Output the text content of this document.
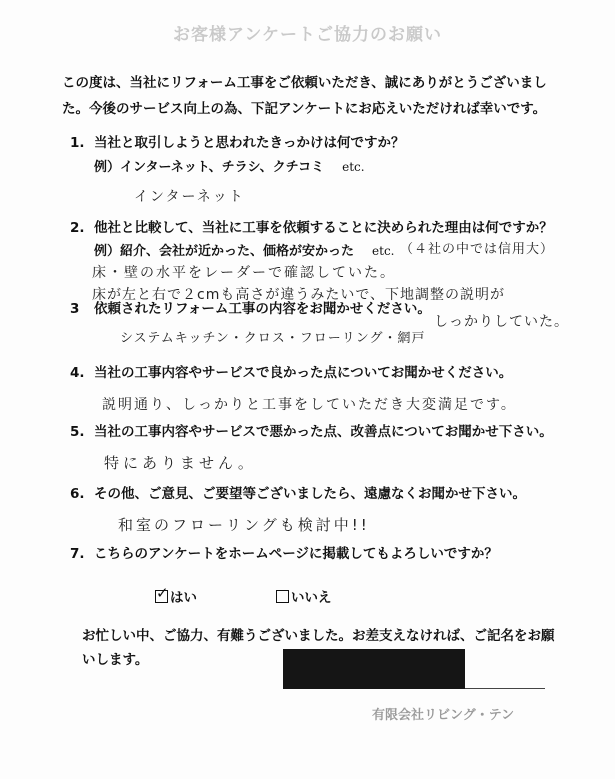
お客様アンケートご協力のお願い
この度は、当社にリフォーム工事をご依頼いただき、誠にありがとうございまし
た。今後のサービス向上の為、下記アンケートにお応えいただければ幸いです。
1. 当社と取引しようと思われたきっかけは何ですか？
例）インターネット、チラシ、クチコミ etc.
インターネット
2. 他社と比較して、当社に工事を依頼することに決められた理由は何ですか？
例）紹介、会社が近かった、価格が安かった etc. （４社の中では信用大）
床・壁の水平をレーダーで確認していた。
床が左と右で２cmも高さが違うみたいで、下地調整の説明が
3 依頼されたリフォーム工事の内容をお聞かせください。
しっかりしていた。
システムキッチン・クロス・フローリング・網戸
4. 当社の工事内容やサービスで良かった点についてお聞かせください。
説明通り、しっかりと工事をしていただき大変満足です。
5. 当社の工事内容やサービスで悪かった点、改善点についてお聞かせ下さい。
特にありません。
6. その他、ご意見、ご要望等ございましたら、遠慮なくお聞かせ下さい。
和室のフローリングも検討中!!
7. こちらのアンケートをホームページに掲載してもよろしいですか？
✓ はい	いいえ
お忙しい中、ご協力、有難うございました。お差支えなければ、ご記名をお願
いします。
有限会社リビング・テン
